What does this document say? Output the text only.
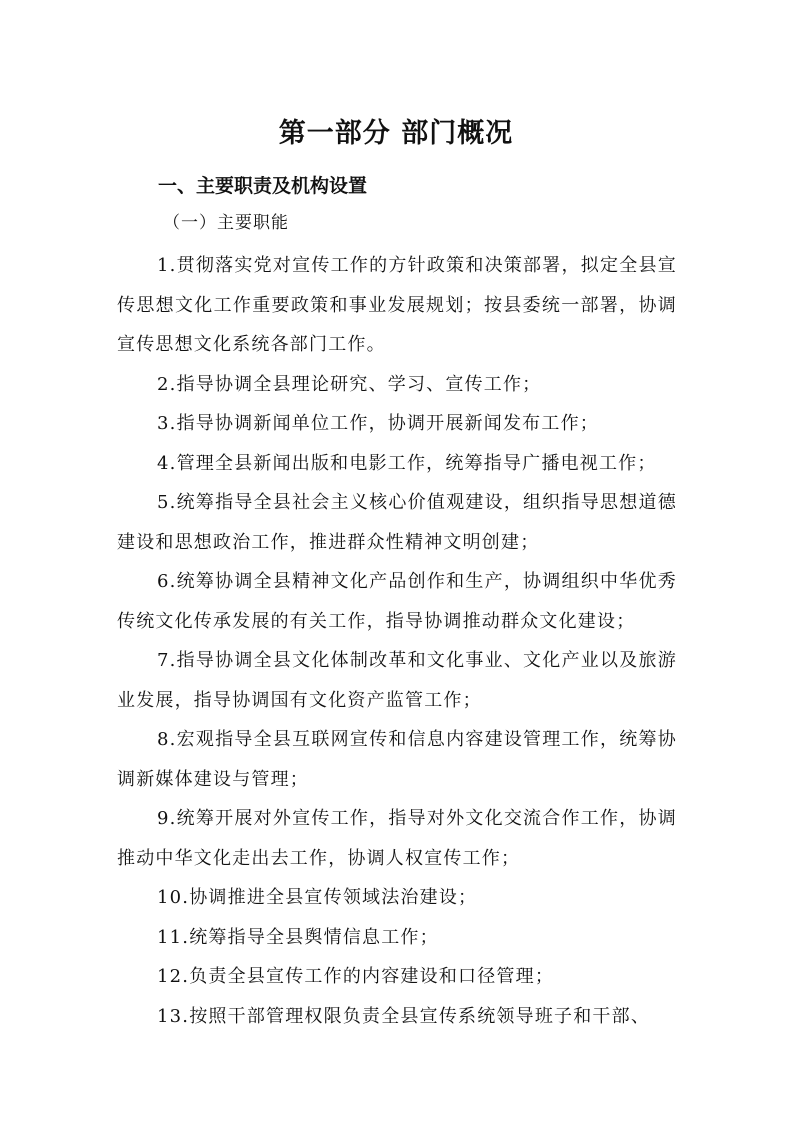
第一部分 部门概况
一、主要职责及机构设置
（一）主要职能

1.贯彻落实党对宣传工作的方针政策和决策部署，拟定全县宣传思想文化工作重要政策和事业发展规划；按县委统一部署，协调宣传思想文化系统各部门工作。

2.指导协调全县理论研究、学习、宣传工作；

3.指导协调新闻单位工作，协调开展新闻发布工作；

4.管理全县新闻出版和电影工作，统筹指导广播电视工作；

5.统筹指导全县社会主义核心价值观建设，组织指导思想道德建设和思想政治工作，推进群众性精神文明创建；

6.统筹协调全县精神文化产品创作和生产，协调组织中华优秀传统文化传承发展的有关工作，指导协调推动群众文化建设；

7.指导协调全县文化体制改革和文化事业、文化产业以及旅游业发展，指导协调国有文化资产监管工作；

8.宏观指导全县互联网宣传和信息内容建设管理工作，统筹协调新媒体建设与管理；

9.统筹开展对外宣传工作，指导对外文化交流合作工作，协调推动中华文化走出去工作，协调人权宣传工作；

10.协调推进全县宣传领域法治建设；

11.统筹指导全县舆情信息工作；

12.负责全县宣传工作的内容建设和口径管理；

13.按照干部管理权限负责全县宣传系统领导班子和干部、
